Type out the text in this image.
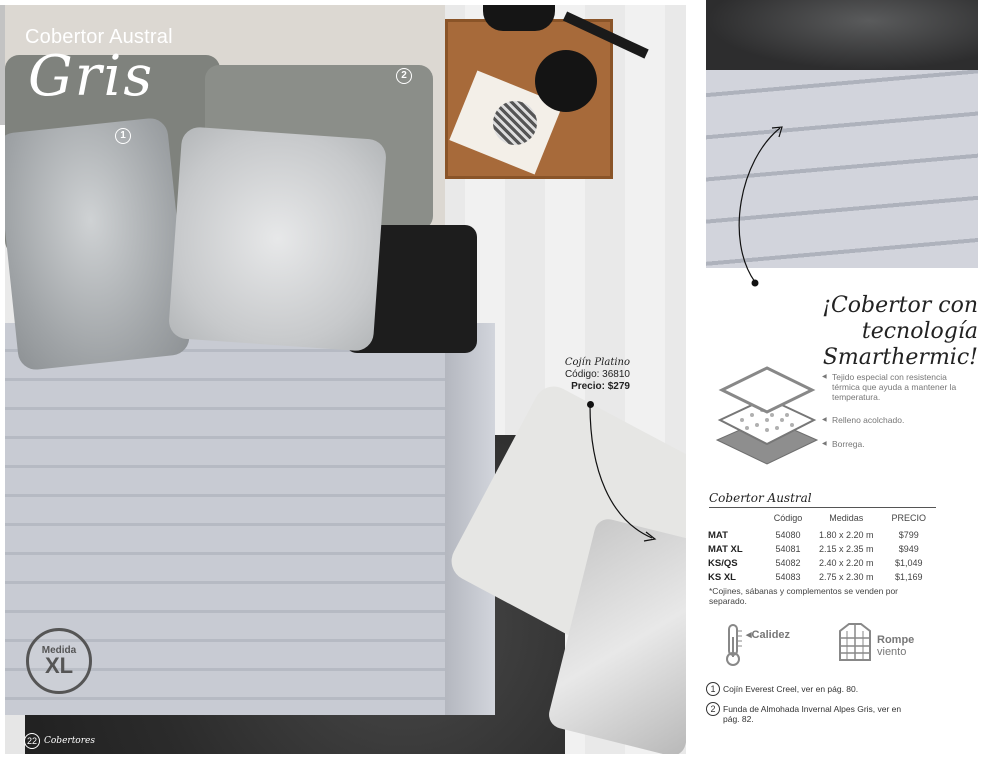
Cobertor Austral
Gris
1
2
Cojín Platino
Código: 36810
Precio: $279
Medida
XL
22 Cobertores
¡Cobertor con tecnología
Smarthermic!
◀ Tejido especial con resistencia térmica que ayuda a mantener la temperatura.
◀ Relleno acolchado.
◀ Borrega.
Cobertor Austral
	Código	Medidas	PRECIO
MAT	54080	1.80 x 2.20 m	$799
MAT XL	54081	2.15 x 2.35 m	$949
KS/QS	54082	2.40 x 2.20 m	$1,049
KS XL	54083	2.75 x 2.30 m	$1,169
*Cojines, sábanas y complementos se venden por separado.
◂Calidez	Rompe
viento
1 Cojín Everest Creel, ver en pág. 80.
2 Funda de Almohada Invernal Alpes Gris, ver en pág. 82.
